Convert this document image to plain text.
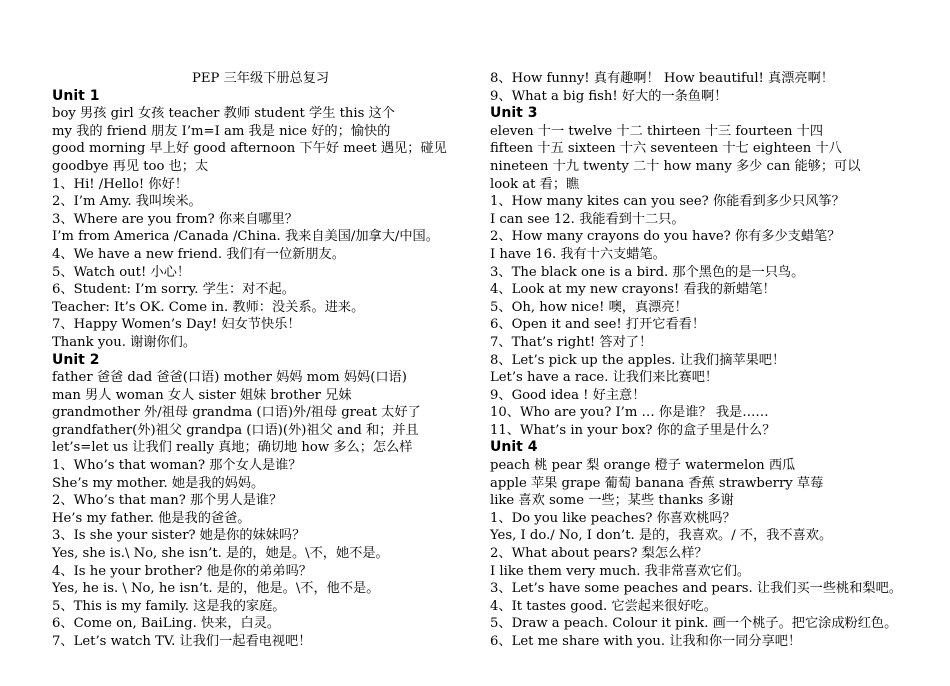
PEP 三年级下册总复习
Unit 1
boy 男孩 girl 女孩 teacher 教师 student 学生 this 这个
my 我的 friend 朋友 I’m=I am 我是 nice 好的；愉快的
good morning 早上好 good afternoon 下午好 meet 遇见；碰见
goodbye 再见 too 也；太
1、Hi! /Hello! 你好！
2、I’m Amy. 我叫埃米。
3、Where are you from? 你来自哪里？
I’m from America /Canada /China. 我来自美国/加拿大/中国。
4、We have a new friend. 我们有一位新朋友。
5、Watch out! 小心！
6、Student: I’m sorry. 学生：对不起。
Teacher: It’s OK. Come in. 教师：没关系。进来。
7、Happy Women’s Day! 妇女节快乐！
Thank you. 谢谢你们。
Unit 2
father 爸爸 dad 爸爸(口语) mother 妈妈 mom 妈妈(口语)
man 男人 woman 女人 sister 姐妹 brother 兄妹
grandmother 外/祖母 grandma (口语)外/祖母 great 太好了
grandfather(外)祖父 grandpa (口语)(外)祖父 and 和；并且
let’s=let us 让我们 really 真地；确切地 how 多么；怎么样
1、Who’s that woman? 那个女人是谁？
She’s my mother. 她是我的妈妈。
2、Who’s that man? 那个男人是谁？
He’s my father. 他是我的爸爸。
3、Is she your sister? 她是你的妹妹吗？
Yes, she is.\ No, she isn’t. 是的，她是。\不，她不是。
4、Is he your brother? 他是你的弟弟吗？
Yes, he is. \ No, he isn’t. 是的，他是。\不，他不是。
5、This is my family. 这是我的家庭。
6、Come on, BaiLing. 快来，白灵。
7、Let’s watch TV. 让我们一起看电视吧！
8、How funny! 真有趣啊！ How beautiful! 真漂亮啊！
9、What a big fish! 好大的一条鱼啊！
Unit 3
eleven 十一 twelve 十二 thirteen 十三 fourteen 十四
fifteen 十五 sixteen 十六 seventeen 十七 eighteen 十八
nineteen 十九 twenty 二十 how many 多少 can 能够；可以
look at 看；瞧
1、How many kites can you see? 你能看到多少只风筝？
I can see 12. 我能看到十二只。
2、How many crayons do you have? 你有多少支蜡笔？
I have 16. 我有十六支蜡笔。
3、The black one is a bird. 那个黑色的是一只鸟。
4、Look at my new crayons! 看我的新蜡笔！
5、Oh, how nice! 噢，真漂亮！
6、Open it and see! 打开它看看！
7、That’s right! 答对了！
8、Let’s pick up the apples. 让我们摘苹果吧！
Let’s have a race. 让我们来比赛吧！
9、Good idea ! 好主意！
10、Who are you? I’m … 你是谁？ 我是……
11、What’s in your box? 你的盒子里是什么？
Unit 4
peach 桃 pear 梨 orange 橙子 watermelon 西瓜
apple 苹果 grape 葡萄 banana 香蕉 strawberry 草莓
like 喜欢 some 一些；某些 thanks 多谢
1、Do you like peaches? 你喜欢桃吗？
Yes, I do./ No, I don’t. 是的，我喜欢。/ 不，我不喜欢。
2、What about pears? 梨怎么样？
I like them very much. 我非常喜欢它们。
3、Let’s have some peaches and pears. 让我们买一些桃和梨吧。
4、It tastes good. 它尝起来很好吃。
5、Draw a peach. Colour it pink. 画一个桃子。把它涂成粉红色。
6、Let me share with you. 让我和你一同分享吧！
